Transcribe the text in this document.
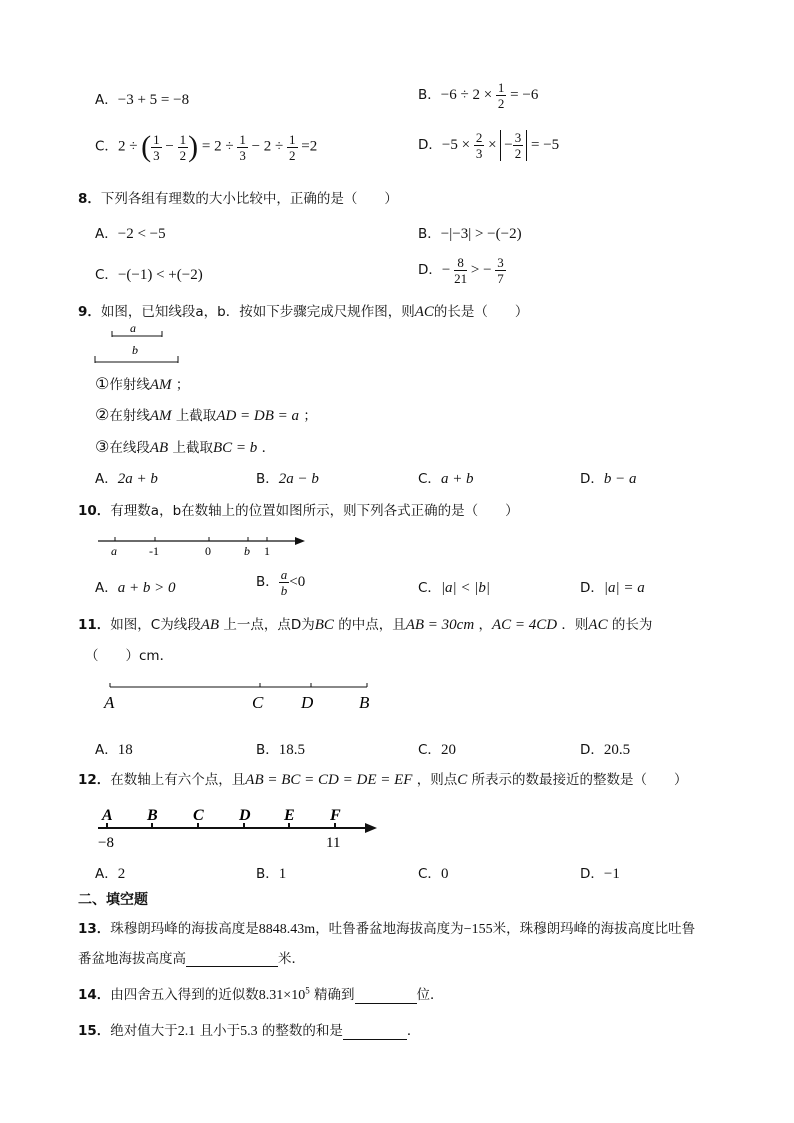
A．−3 + 5 = −8	B．$-6 \div 2 \times \frac{1}{2} = -6$
C．2 ÷ ( $\frac{1}{3} - \frac{1}{2}$ ) = $2 \div \frac{1}{3} - 2 \div \frac{1}{2} =2$	D．$-5 \times \frac{2}{3}$ × − $\frac{3}{2} = -5$
8．下列各组有理数的大小比较中，正确的是（　　）
A．−2 < −5	B．−|−3| > −(−2)
C．−(−1) < +(−2)	D．− $\frac{8}{21}$ > − $\frac{3}{7}$
9．如图，已知线段a，b．按如下步骤完成尺规作图，则AC的长是（　　）
a
b
①作射线AM ；
②在射线AM 上截取AD = DB = a ；
③在线段AB 上截取BC = b ．
A．2a + b	B．2a − b	C．a + b	D．b − a
10．有理数a，b在数轴上的位置如图所示，则下列各式正确的是（　　）
a	-1	0	b 1
A．a + b > 0	B． $\frac{a}{b} <0$	C．|a| < |b|	D．|a| = a
11．如图，C为线段AB 上一点，点D为BC 的中点，且AB = 30cm ，AC = 4CD ．则AC 的长为
（　　）cm．
A	C D	B
A．18	B．18.5	C．20	D．20.5
12．在数轴上有六个点，且AB = BC = CD = DE = EF ，则点C 所表示的数最接近的整数是（　　）
A B C D E F
−8	11
A．2	B．1	C．0	D．−1
二、填空题
13．珠穆朗玛峰的海拔高度是8848.43m，吐鲁番盆地海拔高度为−155米，珠穆朗玛峰的海拔高度比吐鲁
番盆地海拔高度高	米．
14．由四舍五入得到的近似数$8.31\times 10^5$ 精确到	位．
15．绝对值大于2.1 且小于5.3 的整数的和是	．
